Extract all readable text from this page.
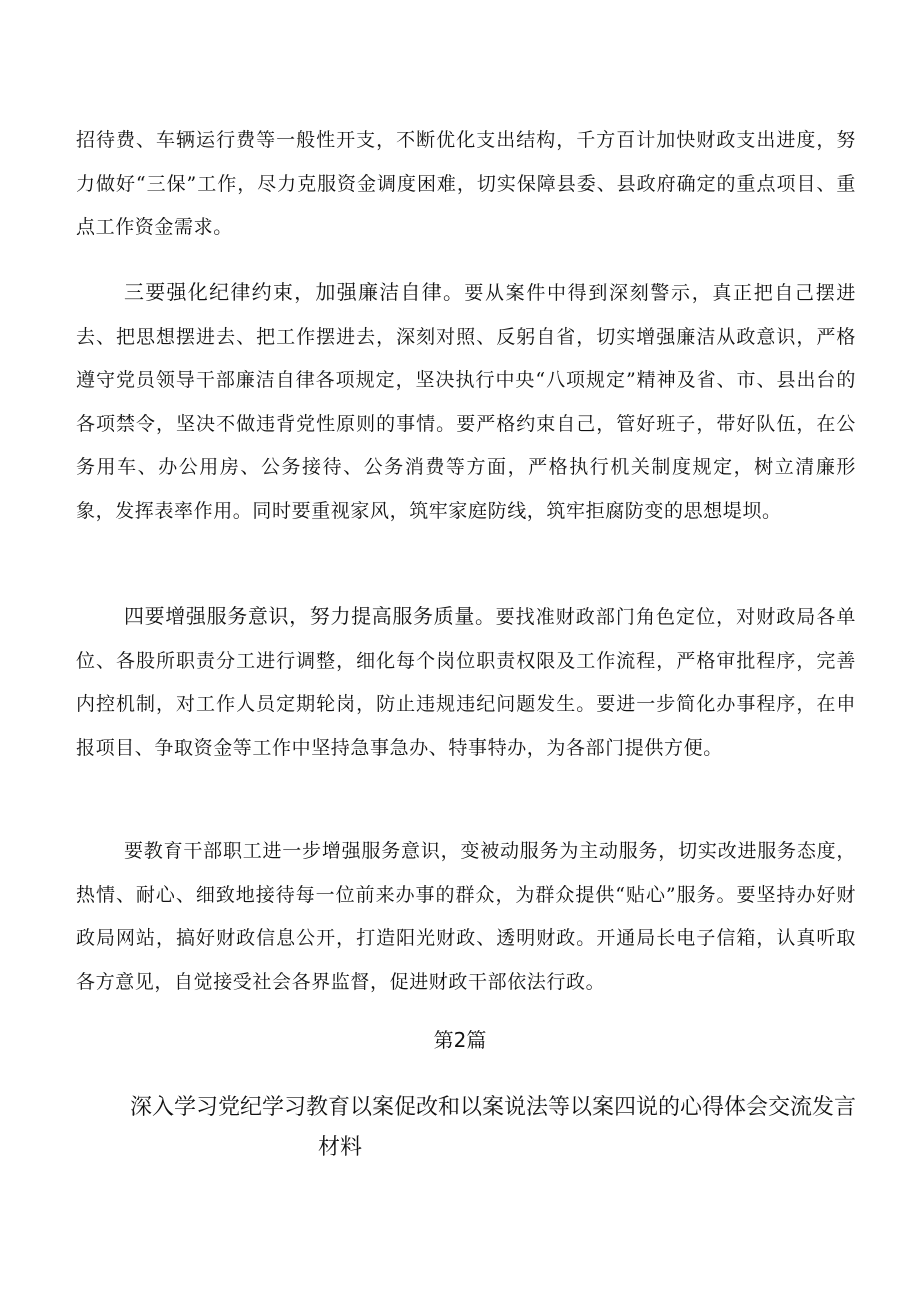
招待费、车辆运行费等一般性开支，不断优化支出结构，千方百计加快财政支出进度，努力做好“三保”工作，尽力克服资金调度困难，切实保障县委、县政府确定的重点项目、重点工作资金需求。

三要强化纪律约束，加强廉洁自律。要从案件中得到深刻警示，真正把自己摆进去、把思想摆进去、把工作摆进去，深刻对照、反躬自省，切实增强廉洁从政意识，严格遵守党员领导干部廉洁自律各项规定，坚决执行中央“八项规定”精神及省、市、县出台的各项禁令，坚决不做违背党性原则的事情。要严格约束自己，管好班子，带好队伍，在公务用车、办公用房、公务接待、公务消费等方面，严格执行机关制度规定，树立清廉形象，发挥表率作用。同时要重视家风，筑牢家庭防线，筑牢拒腐防变的思想堤坝。

四要增强服务意识，努力提高服务质量。要找准财政部门角色定位，对财政局各单位、各股所职责分工进行调整，细化每个岗位职责权限及工作流程，严格审批程序，完善内控机制，对工作人员定期轮岗，防止违规违纪问题发生。要进一步简化办事程序，在申报项目、争取资金等工作中坚持急事急办、特事特办，为各部门提供方便。

要教育干部职工进一步增强服务意识，变被动服务为主动服务，切实改进服务态度，热情、耐心、细致地接待每一位前来办事的群众，为群众提供“贴心”服务。要坚持办好财政局网站，搞好财政信息公开，打造阳光财政、透明财政。开通局长电子信箱，认真听取各方意见，自觉接受社会各界监督，促进财政干部依法行政。

第2篇

深入学习党纪学习教育以案促改和以案说法等以案四说的心得体会交流发言
材料
